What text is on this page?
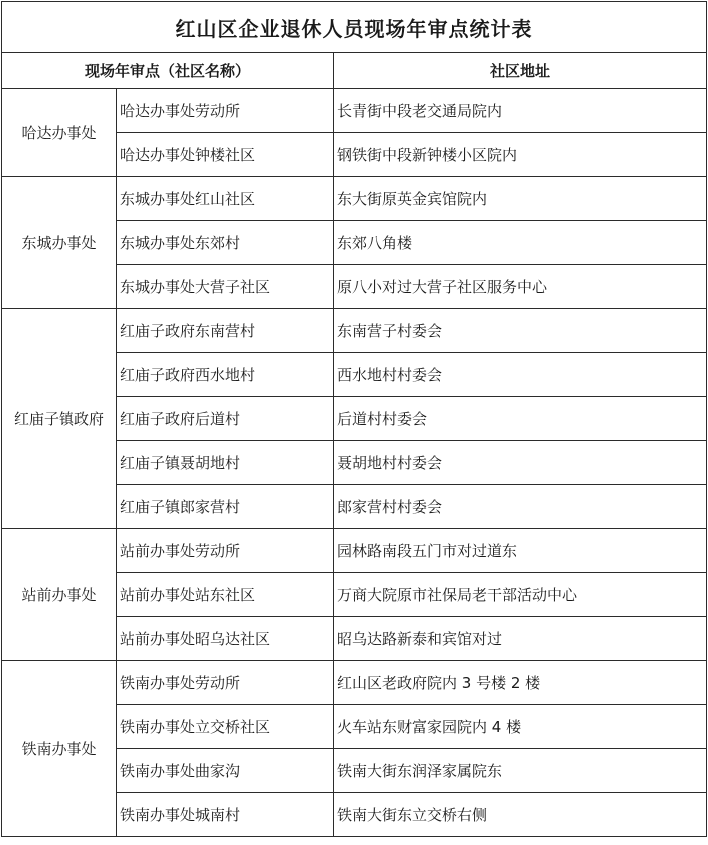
红山区企业退休人员现场年审点统计表		
现场年审点（社区名称）		社区地址
哈达办事处	哈达办事处劳动所	长青街中段老交通局院内
	哈达办事处钟楼社区	钢铁街中段新钟楼小区院内
东城办事处	东城办事处红山社区	东大街原英金宾馆院内
	东城办事处东郊村	东郊八角楼
	东城办事处大营子社区	原八小对过大营子社区服务中心
红庙子镇政府	红庙子政府东南营村	东南营子村委会
	红庙子政府西水地村	西水地村村委会
	红庙子政府后道村	后道村村委会
	红庙子镇聂胡地村	聂胡地村村委会
	红庙子镇郎家营村	郎家营村村委会
站前办事处	站前办事处劳动所	园林路南段五门市对过道东
	站前办事处站东社区	万商大院原市社保局老干部活动中心
	站前办事处昭乌达社区	昭乌达路新泰和宾馆对过
铁南办事处	铁南办事处劳动所	红山区老政府院内 3 号楼 2 楼
	铁南办事处立交桥社区	火车站东财富家园院内 4 楼
	铁南办事处曲家沟	铁南大街东润泽家属院东
	铁南办事处城南村	铁南大街东立交桥右侧
